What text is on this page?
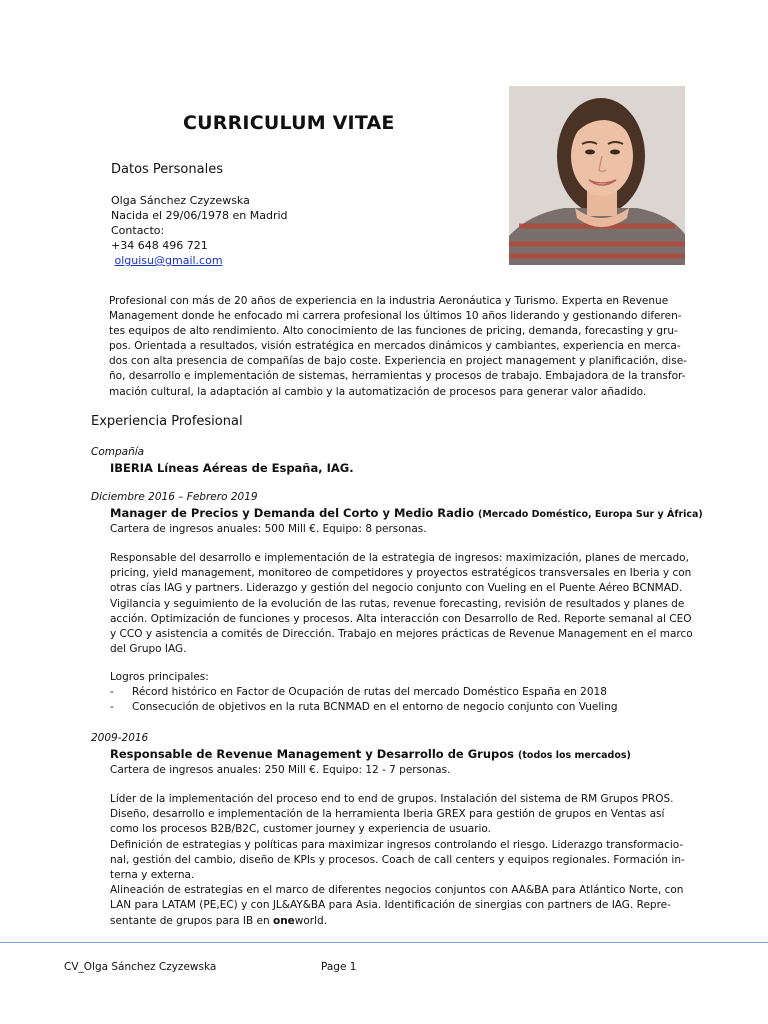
CURRICULUM VITAE
Datos Personales
Olga Sánchez Czyzewska
Nacida el 29/06/1978 en Madrid
Contacto:
+34 648 496 721
olguisu@gmail.com

Profesional con más de 20 años de experiencia en la industria Aeronáutica y Turismo. Experta en Revenue

Management donde he enfocado mi carrera profesional los últimos 10 años liderando y gestionando diferen-

tes equipos de alto rendimiento. Alto conocimiento de las funciones de pricing, demanda, forecasting y gru-

pos. Orientada a resultados, visión estratégica en mercados dinámicos y cambiantes, experiencia en merca-

dos con alta presencia de compañías de bajo coste. Experiencia en project management y planificación, dise-

ño, desarrollo e implementación de sistemas, herramientas y procesos de trabajo. Embajadora de la transfor-

mación cultural, la adaptación al cambio y la automatización de procesos para generar valor añadido.

Experiencia Profesional
Compañía
IBERIA Líneas Aéreas de España, IAG.
Diciembre 2016 – Febrero 2019
Manager de Precios y Demanda del Corto y Medio Radio (Mercado Doméstico, Europa Sur y África)
Cartera de ingresos anuales: 500 Mill €. Equipo: 8 personas.
Responsable del desarrollo e implementación de la estrategia de ingresos: maximización, planes de mercado,
pricing, yield management, monitoreo de competidores y proyectos estratégicos transversales en Iberia y con
otras cías IAG y partners. Liderazgo y gestión del negocio conjunto con Vueling en el Puente Aéreo BCNMAD.
Vigilancia y seguimiento de la evolución de las rutas, revenue forecasting, revisión de resultados y planes de
acción. Optimización de funciones y procesos. Alta interacción con Desarrollo de Red. Reporte semanal al CEO
y CCO y asistencia a comités de Dirección. Trabajo en mejores prácticas de Revenue Management en el marco
del Grupo IAG.
Logros principales:
- Récord histórico en Factor de Ocupación de rutas del mercado Doméstico España en 2018
- Consecución de objetivos en la ruta BCNMAD en el entorno de negocio conjunto con Vueling
2009-2016
Responsable de Revenue Management y Desarrollo de Grupos (todos los mercados)
Cartera de ingresos anuales: 250 Mill €. Equipo: 12 - 7 personas.
Líder de la implementación del proceso end to end de grupos. Instalación del sistema de RM Grupos PROS.
Diseño, desarrollo e implementación de la herramienta Iberia GREX para gestión de grupos en Ventas así
como los procesos B2B/B2C, customer journey y experiencia de usuario.
Definición de estrategias y políticas para maximizar ingresos controlando el riesgo. Liderazgo transformacio-
nal, gestión del cambio, diseño de KPIs y procesos. Coach de call centers y equipos regionales. Formación in-
terna y externa.
Alineación de estrategias en el marco de diferentes negocios conjuntos con AA&BA para Atlántico Norte, con
LAN para LATAM (PE,EC) y con JL&AY&BA para Asia. Identificación de sinergias con partners de IAG. Repre-
sentante de grupos para IB en oneworld.
CV_Olga Sánchez Czyzewska	Page 1
